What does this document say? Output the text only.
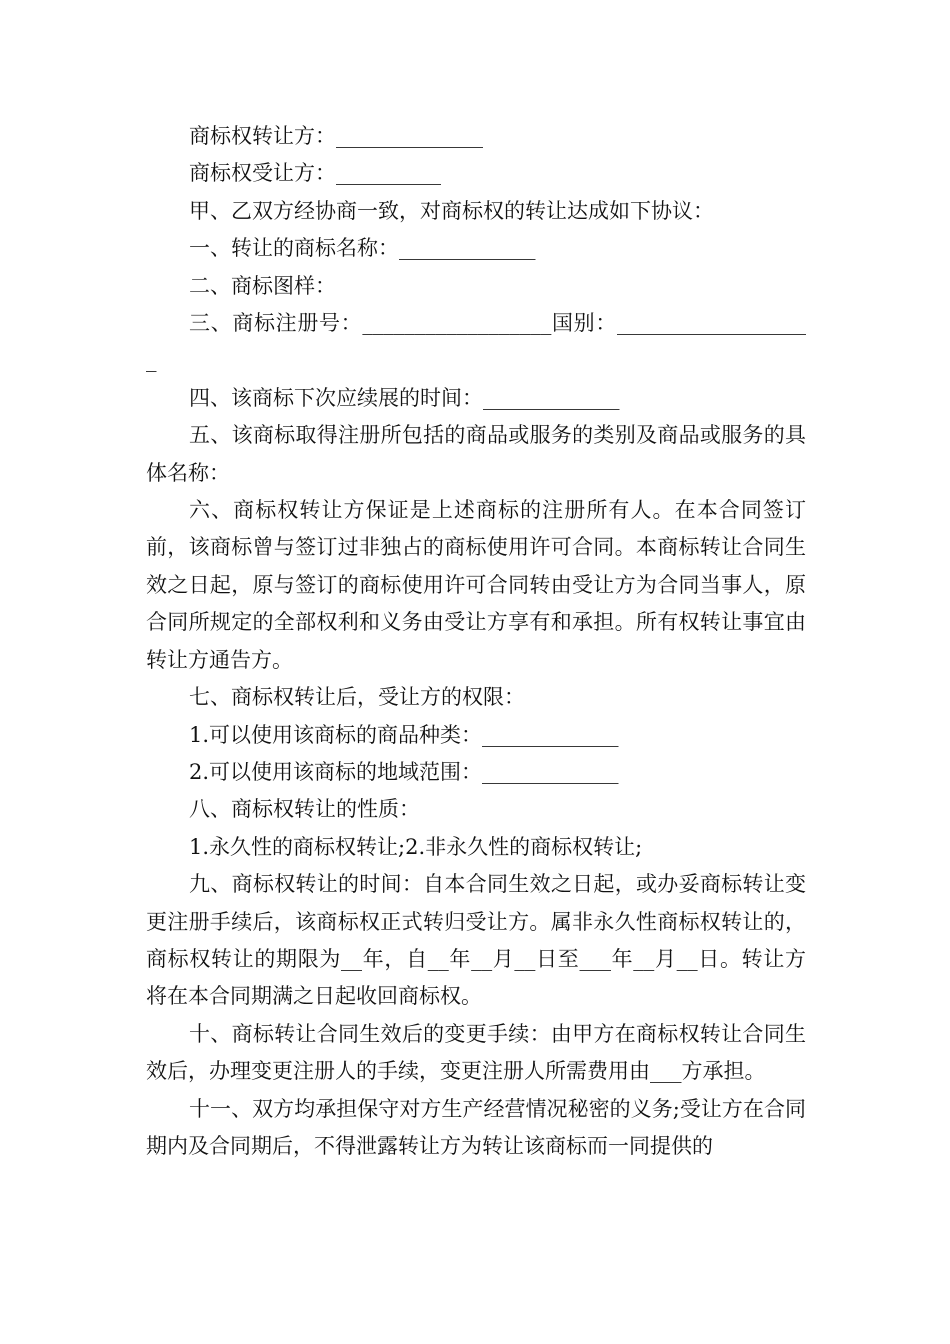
商标权转让方：______________

商标权受让方：__________

甲、乙双方经协商一致，对商标权的转让达成如下协议：

一、转让的商标名称：_____________

二、商标图样：

三、商标注册号：__________________国别：___________________

四、该商标下次应续展的时间：_____________

五、该商标取得注册所包括的商品或服务的类别及商品或服务的具体名称：

六、商标权转让方保证是上述商标的注册所有人。在本合同签订前，该商标曾与签订过非独占的商标使用许可合同。本商标转让合同生效之日起，原与签订的商标使用许可合同转由受让方为合同当事人，原合同所规定的全部权利和义务由受让方享有和承担。所有权转让事宜由转让方通告方。

七、商标权转让后，受让方的权限：

1.可以使用该商标的商品种类：_____________

2.可以使用该商标的地域范围：_____________

八、商标权转让的性质：

1.永久性的商标权转让;2.非永久性的商标权转让;

九、商标权转让的时间：自本合同生效之日起，或办妥商标转让变更注册手续后，该商标权正式转归受让方。属非永久性商标权转让的，商标权转让的期限为__年，自__年__月__日至___年__月__日。转让方将在本合同期满之日起收回商标权。

十、商标转让合同生效后的变更手续：由甲方在商标权转让合同生效后，办理变更注册人的手续，变更注册人所需费用由___方承担。

十一、双方均承担保守对方生产经营情况秘密的义务;受让方在合同期内及合同期后，不得泄露转让方为转让该商标而一同提供的
